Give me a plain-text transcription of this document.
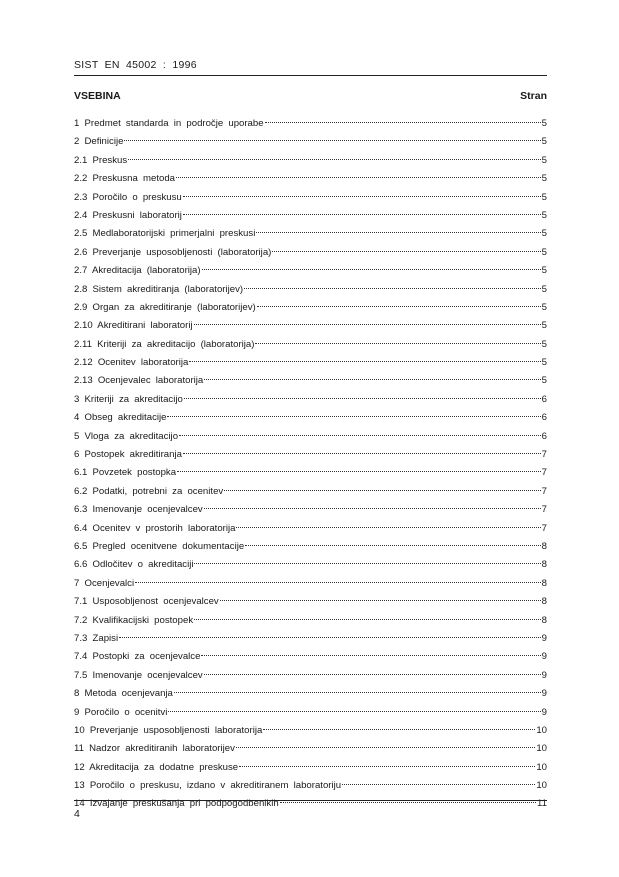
SIST EN 45002 : 1996
VSEBINA	Stran
1 Predmet standarda in področje uporabe	5
2 Definicije	5
2.1 Preskus	5
2.2 Preskusna metoda	5
2.3 Poročilo o preskusu	5
2.4 Preskusni laboratorij	5
2.5 Medlaboratorijski primerjalni preskusi	5
2.6 Preverjanje usposobljenosti (laboratorija)	5
2.7 Akreditacija (laboratorija)	5
2.8 Sistem akreditiranja (laboratorijev)	5
2.9 Organ za akreditiranje (laboratorijev)	5
2.10 Akreditirani laboratorij	5
2.11 Kriteriji za akreditacijo (laboratorija)	5
2.12 Ocenitev laboratorija	5
2.13 Ocenjevalec laboratorija	5
3 Kriteriji za akreditacijo	6
4 Obseg akreditacije	6
5 Vloga za akreditacijo	6
6 Postopek akreditiranja	7
6.1 Povzetek postopka	7
6.2 Podatki, potrebni za ocenitev	7
6.3 Imenovanje ocenjevalcev	7
6.4 Ocenitev v prostorih laboratorija	7
6.5 Pregled ocenitvene dokumentacije	8
6.6 Odločitev o akreditaciji	8
7 Ocenjevalci	8
7.1 Usposobljenost ocenjevalcev	8
7.2 Kvalifikacijski postopek	8
7.3 Zapisi	9
7.4 Postopki za ocenjevalce	9
7.5 Imenovanje ocenjevalcev	9
8 Metoda ocenjevanja	9
9 Poročilo o ocenitvi	9
10 Preverjanje usposobljenosti laboratorija	10
11 Nadzor akreditiranih laboratorijev	10
12 Akreditacija za dodatne preskuse	10
13 Poročilo o preskusu, izdano v akreditiranem laboratoriju	10
14 Izvajanje preskušanja pri podpogodbenikih	11
4
